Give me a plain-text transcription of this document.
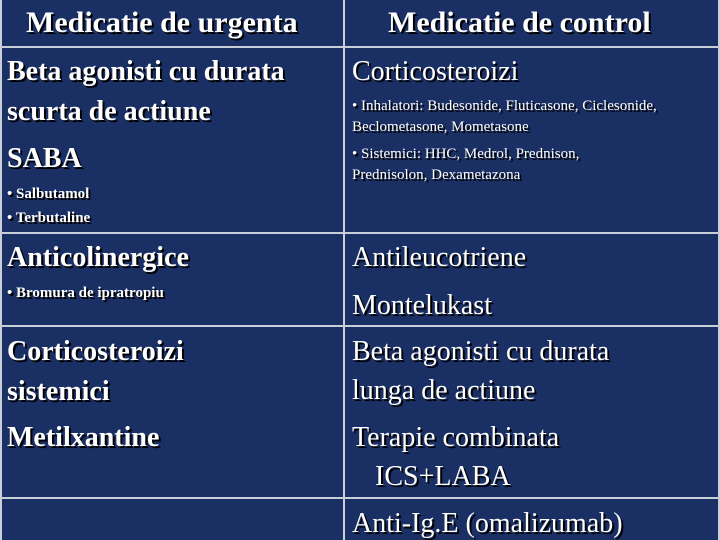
Medicatie de urgenta	Medicatie de control
Beta agonisti cu durata
scurta de actiune
SABA
• Salbutamol
• Terbutaline
Anticolinergice
• Bromura de ipratropiu
Corticosteroizi
sistemici
Metilxantine
Corticosteroizi
• Inhalatori: Budesonide, Fluticasone, Ciclesonide,
Beclometasone, Mometasone
• Sistemici: HHC, Medrol, Prednison,
Prednisolon, Dexametazona
Antileucotriene
Montelukast
Beta agonisti cu durata
lunga de actiune
Terapie combinata
ICS+LABA
Anti-Ig.E (omalizumab)
